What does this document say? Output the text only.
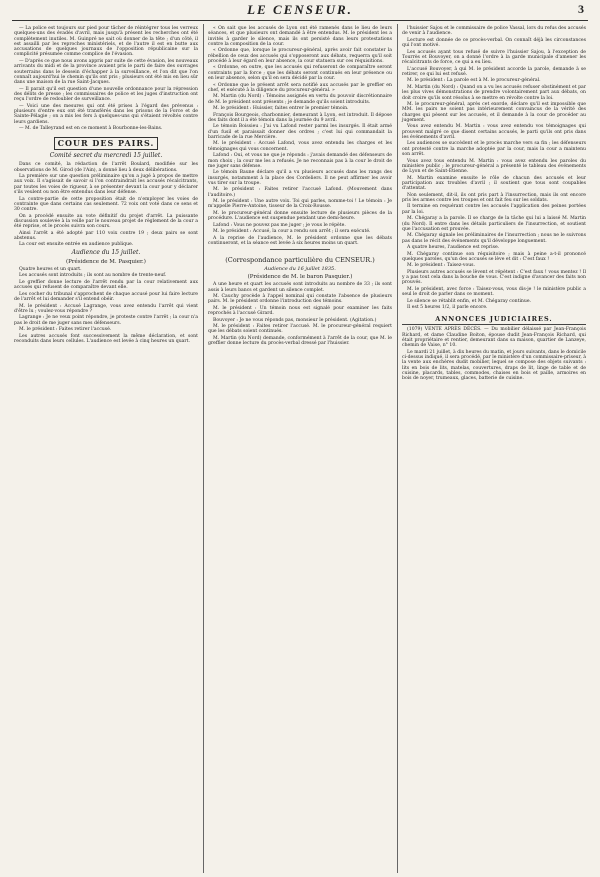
LE CENSEUR.	3

— La police est toujours sur pied pour tâcher de réintégrer tous les verreux quelques-uns des évadés d'avril, mais jusqu'à présent les recherches ont été complètement inutiles. M. Guinpré ne sait où donner de la tête ; d'un côté, il est assailli par les reproches ministériels, et de l'autre il est en butte aux accusations de quelques journaux de l'opposition républicaine sur la complicité présumée comme complice de l'évasion.

— D'après ce que nous avons appris par suite de cette évasion, les nouveaux arrivants du midi et de la province avaient pris le parti de faire des ouvrages souterrains dans le dessein d'échapper à la surveillance, et l'on dit que l'on connaît aujourd'hui le chemin qu'ils ont pris ; plusieurs ont été mis en lieu sûr dans une maison de la rue Saint-Jacques.

— Il parait qu'il est question d'une nouvelle ordonnance pour la répression des délits de presse ; les commissaires de police et les juges d'instruction ont reçu l'ordre de redoubler de surveillance.

— Voici une des mesures qui ont été prises à l'égard des prévenus : plusieurs d'entre eux ont été transférés dans les prisons de la Force et de Sainte-Pélagie ; on a mis les fers à quelques-uns qui s'étaient révoltés contre leurs gardiens.

— M. de Talleyrand est en ce moment à Bourbonne-les-Bains.

COUR DES PAIRS.
Comité secret du mercredi 15 juillet.

Dans ce comité, la rédaction de l'arrêt Boulard, modifiée sur les observations de M. Girod (de l'Ain), a donné lieu à deux délibérations.

La première sur une question préliminaire qu'on a jugé à propos de mettre aux voix. Il s'agissait de savoir si l'on contraindrait les accusés récalcitrants, par toutes les voies de rigueur, à se présenter devant la cour pour y déclarer s'ils veulent ou non être entendus dans leur défense.

La contre-partie de cette proposition était de n'employer les voies de contrainte que dans certains cas seulement. 72 voix ont voté dans ce sens et 30 contre.

On a procédé ensuite au vote définitif du projet d'arrêt. La puissante discussion soulevée à la veille par le nouveau projet de règlement de la cour a été reprise, et le procès suivra son cours.

Ainsi l'arrêt a été adopté par 110 voix contre 19 ; deux pairs se sont abstenus.

La cour est ensuite entrée en audience publique.

Audience du 15 juillet.
(Présidence de M. Pasquier.)

Quatre heures et un quart.

Les accusés sont introduits ; ils sont au nombre de trente-neuf.

Le greffier donne lecture de l'arrêt rendu par la cour relativement aux accusés qui refusent de comparaître devant elle.

Les cocher du tribunal s'approchent de chaque accusé pour lui faire lecture de l'arrêt et lui demander s'il entend obéir.

M. le président : Accusé Lagrange, vous avez entendu l'arrêt qui vient d'être lu ; voulez-vous répondre ?

Lagrange : Je ne veux point répondre, je proteste contre l'arrêt ; la cour n'a pas le droit de me juger sans mes défenseurs.

M. le président : Faites retirer l'accusé.

Les autres accusés font successivement la même déclaration, et sont reconduits dans leurs cellules. L'audience est levée à cinq heures un quart.

« On sait que les accusés de Lyon ont été ramenés dans le lieu de leurs séances, et que plusieurs ont demandé à être entendus. M. le président les a invités à garder le silence, mais ils ont persisté dans leurs protestations contre la composition de la cour.

« Ordonne que, lorsque le procureur-général, après avoir fait constater la rébellion de ceux des accusés qui s'opposeront aux débats, requerra qu'il soit procédé à leur égard en leur absence, la cour statuera sur ces réquisitions.

« Ordonne, en outre, que les accusés qui refuseront de comparaître seront contraints par la force ; que les débats seront continués en leur présence ou en leur absence, selon qu'il en sera décidé par la cour.

« Ordonne que le présent arrêt sera notifié aux accusés par le greffier en chef, et exécuté à la diligence du procureur-général. »

M. Martin (du Nord) : Témoins assignés en vertu du pouvoir discrétionnaire de M. le président sont présents ; je demande qu'ils soient introduits.

M. le président : Huissier, faites entrer le premier témoin.

François Bourgeois, charbonnier, demeurant à Lyon, est introduit. Il dépose des faits dont il a été témoin dans la journée du 9 avril.

Le témoin Boissieu : J'ai vu Lafond rester parmi les insurgés. Il était armé d'un fusil et paraissait donner des ordres ; c'est lui qui commandait la barricade de la rue Mercière.

M. le président : Accusé Lafond, vous avez entendu les charges et les témoignages qui vous concernent.

Lafond : Oui, et vous ne que je réponds : j'avais demandé des défenseurs de mon choix ; la cour me les a refusés. Je ne reconnais pas à la cour le droit de me juger sans défense.

Le témoin Baune déclare qu'il a vu plusieurs accusés dans les rangs des insurgés, notamment à la place des Cordeliers. Il ne peut affirmer les avoir vus tirer sur la troupe.

M. le président : Faites retirer l'accusé Lafond. (Mouvement dans l'auditoire.)

M. le président : Une autre voix. Toi qui parles, nomme-toi ! Le témoin : Je m'appelle Pierre-Antoine, tisseur de la Croix-Rousse.

M. le procureur-général donne ensuite lecture de plusieurs pièces de la procédure. L'audience est suspendue pendant une demi-heure.

Lafond : Vous ne pouvez pas me juger ; je vous le répète.

M. le président : Accusé, la cour a rendu son arrêt ; il sera exécuté.

A la reprise de l'audience, M. le président ordonne que les débats continueront, et la séance est levée à six heures moins un quart.

(Correspondance particulière du CENSEUR.)
Audience du 16 juillet 1835.
(Présidence de M. le baron Pasquier.)

A une heure et quart les accusés sont introduits au nombre de 33 ; ils sont assis à leurs bancs et gardent un silence complet.

M. Cauchy procède à l'appel nominal qui constate l'absence de plusieurs pairs. M. le président ordonne l'introduction des témoins.

M. le président : Un témoin nous est signalé pour examiner les faits reprochés à l'accusé Girard.

Bouvoyer : Je ne vous réponds pas, monsieur le président. (Agitation.)

M. le président : Faites retirer l'accusé. M. le procureur-général requiert que les débats soient continués.

M. Martin (du Nord) demande, conformément à l'arrêt de la cour, que M. le greffier donne lecture du procès-verbal dressé par l'huissier.

l'huissier Sajou et le commissaire de police Vassal, lors du refus des accusés de venir à l'audience.

Lecture est donnée de ce procès-verbal. On connaît déjà les circonstances qui l'ont motivé.

Les accusés ayant tous refusé de suivre l'huissier Sajou, à l'exception de Tourrès et Bouvoyer, on a donné l'ordre à la garde municipale d'amener les récalcitrants de force, ce qui a eu lieu.

L'accusé Bouvoyer, à qui M. le président accorde la parole, demande à se retirer, ce qui lui est refusé.

M. le président : La parole est à M. le procureur-général.

M. Martin (du Nord) : Quand on a vu les accusés refuser obstinément et par les plus vives démonstrations de prendre volontairement part aux débats, on doit croire qu'ils sont résolus à se mettre en révolte contre la loi.

M. le procureur-général, après cet exorde, déclare qu'il est impossible que MM. les pairs ne soient pas intérieurement convaincus de la vérité des charges qui pèsent sur les accusés, et il demande à la cour de procéder au jugement.

Vous avez entendu M. Martin : vous avez entendu vos témoignages qui prouvent malgré ce que disent certains accusés, le parti qu'ils ont pris dans les événements d'avril.

Les audiences se succèdent et le procès marche vers sa fin ; les défenseurs ont protesté contre la marche adoptée par la cour, mais la cour a maintenu son arrêt.

Vous avez tous entendu M. Martin : vous avez entendu les paroles du ministère public ; le procureur-général a présenté le tableau des événements de Lyon et de Saint-Étienne.

M. Martin examine ensuite le rôle de chacun des accusés et leur participation aux troubles d'avril ; il soutient que tous sont coupables d'attentat.

Non seulement, dit-il, ils ont pris part à l'insurrection, mais ils ont encore pris les armes contre les troupes et ont fait feu sur les soldats.

Il termine en requérant contre les accusés l'application des peines portées par la loi.

M. Chégaray a la parole. Il se charge de la tâche qui lui a laissé M. Martin (du Nord). Il entre dans les détails particuliers de l'insurrection, et soutient que l'accusation est prouvée.

M. Chégaray signale les préliminaires de l'insurrection ; nous ne le suivrons pas dans le récit des événements qu'il développe longuement.

A quatre heures, l'audience est reprise.

M. Chégaray continue son réquisitoire ; mais à peine a-t-il prononcé quelques paroles, qu'un des accusés se lève et dit : C'est faux !

M. le président : Taisez-vous.

Plusieurs autres accusés se lèvent et répètent : C'est faux ! vous mentez ! Il y a pas tout cela dans la bouche de vous. C'est indigne d'avancer des faits non prouvés.

M. le président, avec force : Taisez-vous, vous dis-je ! le ministère public a seul le droit de parler dans ce moment.

Le silence se rétablit enfin, et M. Chégaray continue.

Il est 5 heures 1/2, il parle encore.

ANNONCES JUDICIAIRES.

(1079) VENTE APRÈS DÉCÈS. — Du mobilier délaissé par Jean-François Richard, et dame Claudine Boiton, épouse dudit Jean-François Richard, qui était propriétaire et rentier, demeurant dans sa maison, quartier de Lanzeye, chemin de Vaise, n° 10.

Le mardi 21 juillet, à dix heures du matin, et jours suivants, dans le domicile ci-dessus indiqué, il sera procédé, par le ministère d'un commissaire-priseur, à la vente aux enchères dudit mobilier, lequel se compose des objets suivants : lits en bois de lits, matelas, couvertures, draps de lit, linge de table et de cuisine, placards, tables, commodes, chaises en bois et paille, armoires en bois de noyer, trumeaux, glaces, batterie de cuisine.
